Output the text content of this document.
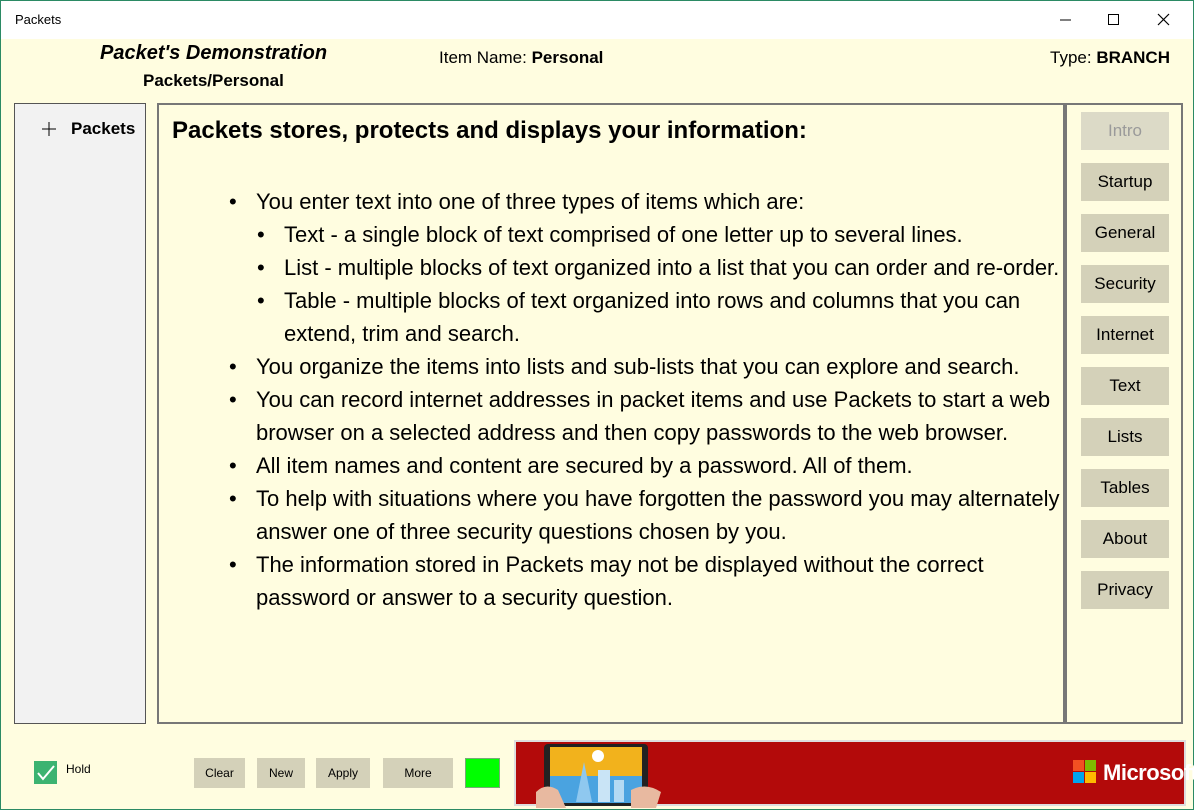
Packets
Packet's Demonstration
Packets/Personal
Item Name: Personal	Type: BRANCH
Packets Packets stores, protects and displays your information:
• You enter text into one of three types of items which are:
• Text - a single block of text comprised of one letter up to several lines.
• List - multiple blocks of text organized into a list that you can order and re-order.
• Table - multiple blocks of text organized into rows and columns that you can extend, trim and search.
• You organize the items into lists and sub-lists that you can explore and search.
• You can record internet addresses in packet items and use Packets to start a web browser on a selected address and then copy passwords to the web browser.
• All item names and content are secured by a password. All of them.
• To help with situations where you have forgotten the password you may alternately answer one of three security questions chosen by you.
• The information stored in Packets may not be displayed without the correct password or answer to a security question.
Intro
Startup
General
Security
Internet
Text
Lists
Tables
About
Privacy
Hold	Clear	New	Apply	More	Microsoft
